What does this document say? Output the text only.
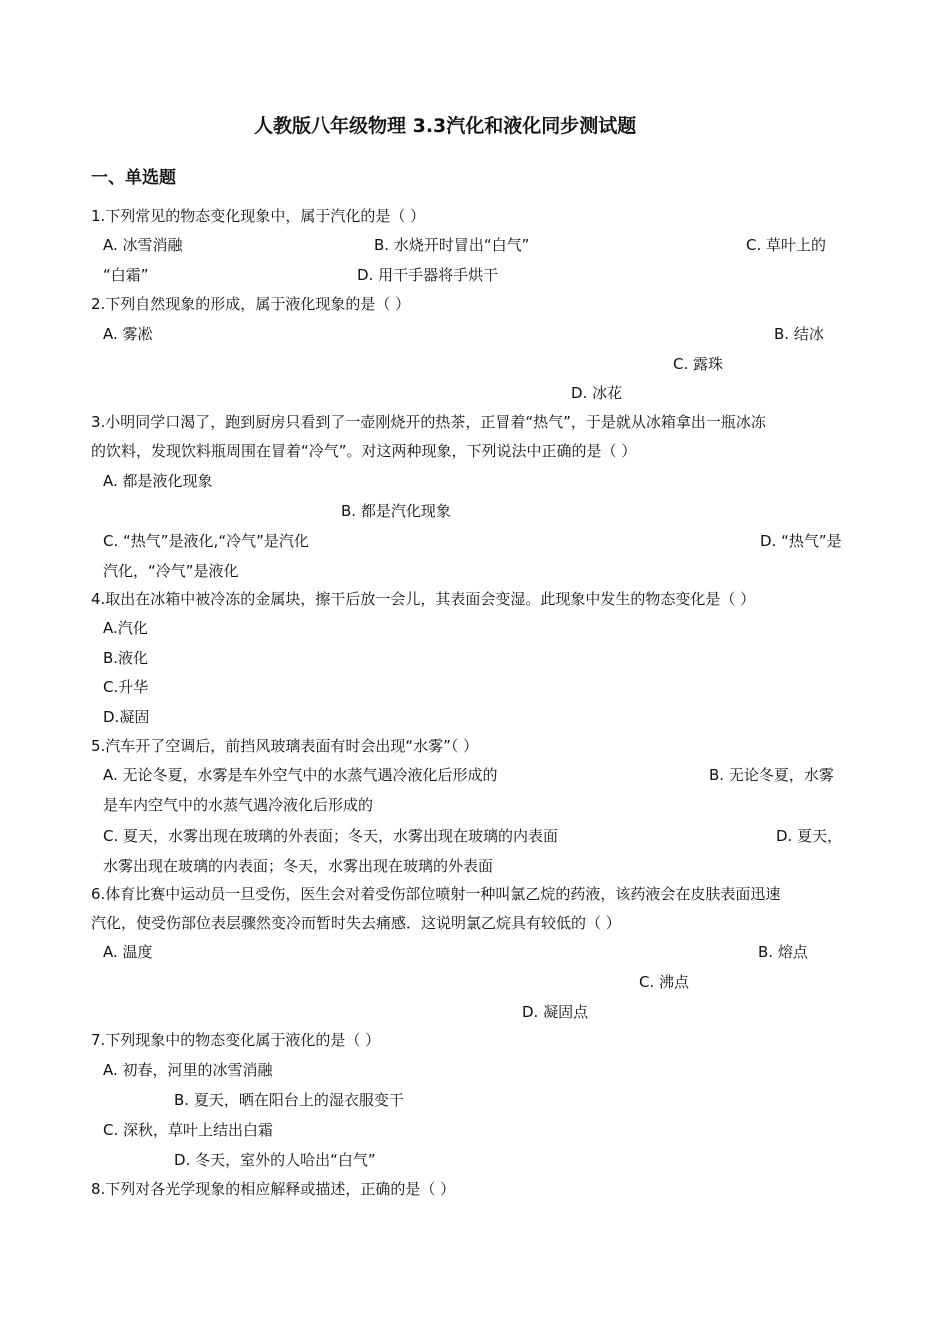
人教版八年级物理 3.3汽化和液化同步测试题
一、单选题
1.下列常见的物态变化现象中，属于汽化的是（ ）
A. 冰雪消融	B. 水烧开时冒出“白气”	C. 草叶上的
“白霜”	D. 用干手器将手烘干
2.下列自然现象的形成，属于液化现象的是（ ）
A. 雾凇	B. 结冰
C. 露珠
D. 冰花
3.小明同学口渴了，跑到厨房只看到了一壶刚烧开的热茶，正冒着“热气”，于是就从冰箱拿出一瓶冰冻
的饮料，发现饮料瓶周围在冒着“冷气”。对这两种现象，下列说法中正确的是（ ）
A. 都是液化现象
B. 都是汽化现象
C. “热气”是液化,“冷气”是汽化	D. “热气”是
汽化，“冷气”是液化
4.取出在冰箱中被冷冻的金属块，擦干后放一会儿，其表面会变湿。此现象中发生的物态变化是（ ）
A.汽化
B.液化
C.升华
D.凝固
5.汽车开了空调后，前挡风玻璃表面有时会出现“水雾”（ ）
A. 无论冬夏，水雾是车外空气中的水蒸气遇冷液化后形成的	B. 无论冬夏，水雾
是车内空气中的水蒸气遇冷液化后形成的
C. 夏天，水雾出现在玻璃的外表面；冬天，水雾出现在玻璃的内表面	D. 夏天，
水雾出现在玻璃的内表面；冬天，水雾出现在玻璃的外表面
6.体育比赛中运动员一旦受伤，医生会对着受伤部位喷射一种叫氯乙烷的药液，该药液会在皮肤表面迅速
汽化，使受伤部位表层骤然变冷而暂时失去痛感．这说明氯乙烷具有较低的（ ）
A. 温度	B. 熔点
C. 沸点
D. 凝固点
7.下列现象中的物态变化属于液化的是（ ）
A. 初春，河里的冰雪消融
B. 夏天，晒在阳台上的湿衣服变干
C. 深秋，草叶上结出白霜
D. 冬天，室外的人哈出“白气”
8.下列对各光学现象的相应解释或描述，正确的是（ ）
